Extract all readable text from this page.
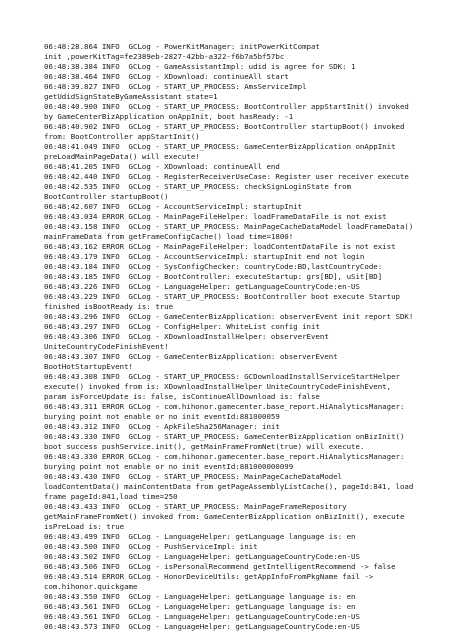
06:48:28.864 INFO  GCLog - PowerKitManager: initPowerKitCompat
init ,powerKitTag=fe2389eb-2827-42bb-a322-f6b7a5bf57bc
06:48:38.384 INFO  GCLog - GameAssistantImpl: udid is agree for SDK: 1
06:48:38.464 INFO  GCLog - XDownload: continueAll start
06:48:39.827 INFO  GCLog - START_UP_PROCESS: AmsServiceImpl
getUdidSignStateByGameAssistant state=1
06:48:40.900 INFO  GCLog - START_UP_PROCESS: BootController appStartInit() invoked
by GameCenterBizApplication onAppInit, boot hasReady: -1
06:48:40.902 INFO  GCLog - START_UP_PROCESS: BootController startupBoot() invoked
from: BootController appStartInit()
06:48:41.049 INFO  GCLog - START_UP_PROCESS: GameCenterBizApplication onAppInit
preLoadMainPageData() will execute!
06:48:41.205 INFO  GCLog - XDownload: continueAll end
06:48:42.440 INFO  GCLog - RegisterReceiverUseCase: Register user receiver execute
06:48:42.535 INFO  GCLog - START_UP_PROCESS: checkSignLoginState from
BootController startupBoot()
06:48:42.607 INFO  GCLog - AccountServiceImpl: startupInit
06:48:43.034 ERROR GCLog - MainPageFileHelper: loadFrameDataFile is not exist
06:48:43.158 INFO  GCLog - START_UP_PROCESS: MainPageCacheDataModel loadFrameData()
mainFrameData from getFrameConfigCache() load time=1800!
06:48:43.162 ERROR GCLog - MainPageFileHelper: loadContentDataFile is not exist
06:48:43.179 INFO  GCLog - AccountServiceImpl: startupInit end not login
06:48:43.184 INFO  GCLog - SysConfigChecker: countryCode:BD,lastCountryCode:
06:48:43.185 INFO  GCLog - BootController: executeStartup: grs[BD], uSit[BD]
06:48:43.226 INFO  GCLog - LanguageHelper: getLanguageCountryCode:en-US
06:48:43.229 INFO  GCLog - START_UP_PROCESS: BootController boot execute Startup
finished isBootReady is: true
06:48:43.296 INFO  GCLog - GameCenterBizApplication: observerEvent init report SDK!
06:48:43.297 INFO  GCLog - ConfigHelper: WhiteList config init
06:48:43.306 INFO  GCLog - XDownloadInstallHelper: observerEvent
UniteCountryCodeFinishEvent!
06:48:43.307 INFO  GCLog - GameCenterBizApplication: observerEvent
BootHotStartupEvent!
06:48:43.308 INFO  GCLog - START_UP_PROCESS: GCDownloadInstallServiceStartHelper
execute() invoked from is: XDownloadInstallHelper UniteCountryCodeFinishEvent,
param isForceUpdate is: false, isContinueAllDownload is: false
06:48:43.311 ERROR GCLog - com.hihonor.gamecenter.base_report.HiAnalyticsManager:
burying point not enable or no init eventId:881000059
06:48:43.312 INFO  GCLog - ApkFileSha256Manager: init
06:48:43.330 INFO  GCLog - START_UP_PROCESS: GameCenterBizApplication onBizInit()
boot success pushService.init(), getMainFrameFromNet(true) will execute.
06:48:43.330 ERROR GCLog - com.hihonor.gamecenter.base_report.HiAnalyticsManager:
burying point not enable or no init eventId:881000000099
06:48:43.430 INFO  GCLog - START_UP_PROCESS: MainPageCacheDataModel
loadContentData() mainContentData from getPageAssemblyListCache(), pageId:841, load
frame pageId:841,load time=250
06:48:43.433 INFO  GCLog - START_UP_PROCESS: MainPageFrameRepository
getMainFrameFromNet() invoked from: GameCenterBizApplication onBizInit(), execute
isPreLoad is: true
06:48:43.499 INFO  GCLog - LanguageHelper: getLanguage language is: en
06:48:43.500 INFO  GCLog - PushServiceImpl: init
06:48:43.502 INFO  GCLog - LanguageHelper: getLanguageCountryCode:en-US
06:48:43.506 INFO  GCLog - isPersonalRecommend getIntelligentRecommend -> false
06:48:43.514 ERROR GCLog - HonorDeviceUtils: getAppInfoFromPkgName fail ->
com.hihonor.quickgame
06:48:43.550 INFO  GCLog - LanguageHelper: getLanguage language is: en
06:48:43.561 INFO  GCLog - LanguageHelper: getLanguage language is: en
06:48:43.561 INFO  GCLog - LanguageHelper: getLanguageCountryCode:en-US
06:48:43.573 INFO  GCLog - LanguageHelper: getLanguageCountryCode:en-US
